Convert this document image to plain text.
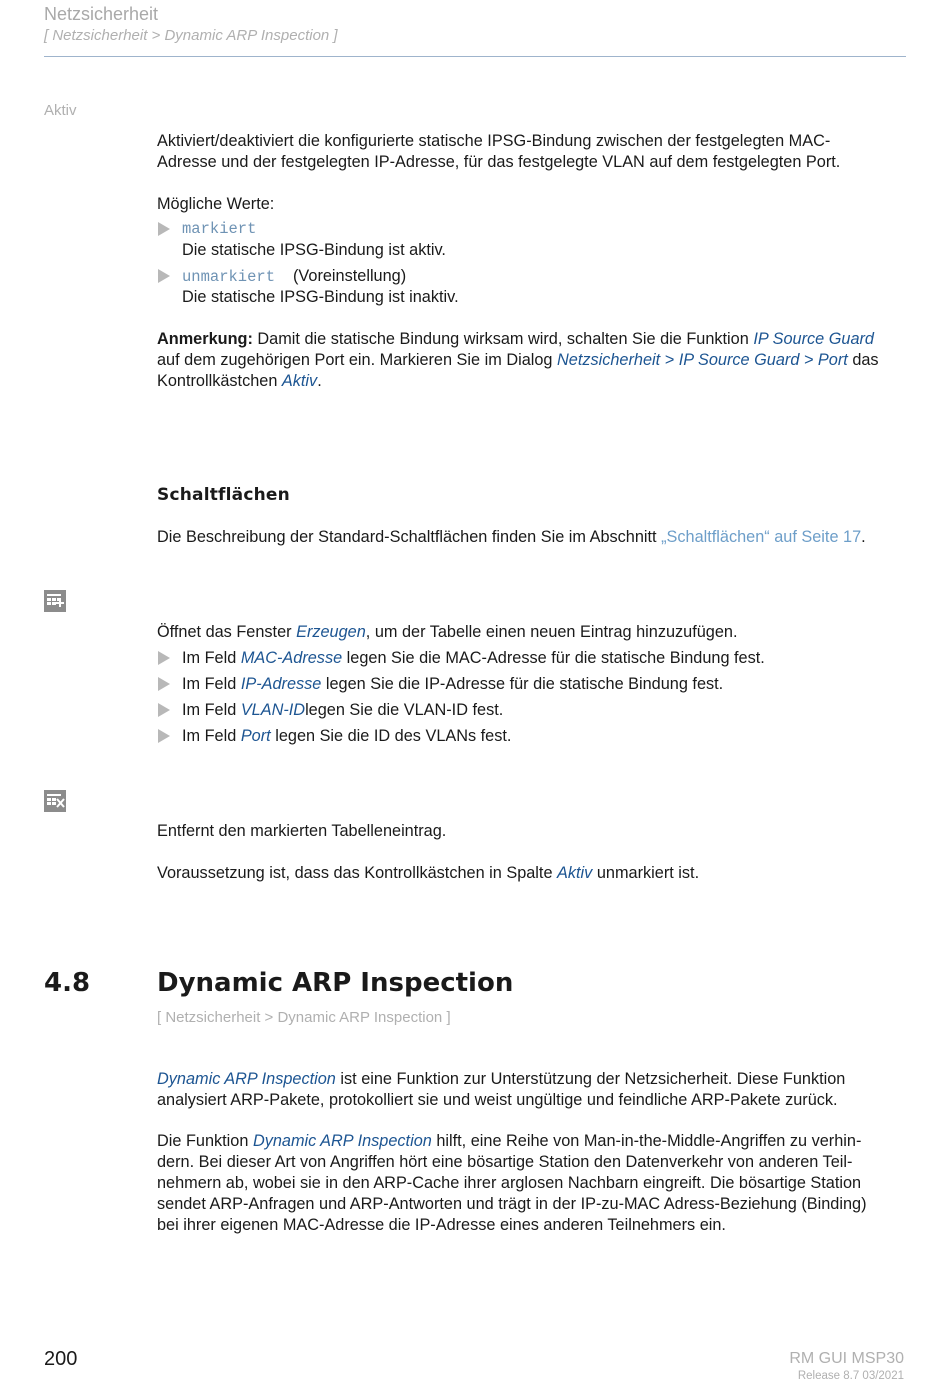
Netzsicherheit
[ Netzsicherheit > Dynamic ARP Inspection ]
Aktiv
Aktiviert/deaktiviert die konfigurierte statische IPSG-Bindung zwischen der festgelegten MAC-
Adresse und der festgelegten IP-Adresse, für das festgelegte VLAN auf dem festgelegten Port.
Mögliche Werte:
markiert
Die statische IPSG-Bindung ist aktiv.
unmarkiert (Voreinstellung)
Die statische IPSG-Bindung ist inaktiv.
Anmerkung: Damit die statische Bindung wirksam wird, schalten Sie die Funktion IP Source Guard
auf dem zugehörigen Port ein. Markieren Sie im Dialog Netzsicherheit > IP Source Guard > Port das
Kontrollkästchen Aktiv.
Schaltflächen
Die Beschreibung der Standard-Schaltflächen finden Sie im Abschnitt „Schaltflächen“ auf Seite 17.
Öffnet das Fenster Erzeugen, um der Tabelle einen neuen Eintrag hinzuzufügen.
Im Feld MAC-Adresse legen Sie die MAC-Adresse für die statische Bindung fest.
Im Feld IP-Adresse legen Sie die IP-Adresse für die statische Bindung fest.
Im Feld VLAN-IDlegen Sie die VLAN-ID fest.
Im Feld Port legen Sie die ID des VLANs fest.
Entfernt den markierten Tabelleneintrag.
Voraussetzung ist, dass das Kontrollkästchen in Spalte Aktiv unmarkiert ist.
4.8	Dynamic ARP Inspection
[ Netzsicherheit > Dynamic ARP Inspection ]
Dynamic ARP Inspection ist eine Funktion zur Unterstützung der Netzsicherheit. Diese Funktion
analysiert ARP-Pakete, protokolliert sie und weist ungültige und feindliche ARP-Pakete zurück.
Die Funktion Dynamic ARP Inspection hilft, eine Reihe von Man-in-the-Middle-Angriffen zu verhin-
dern. Bei dieser Art von Angriffen hört eine bösartige Station den Datenverkehr von anderen Teil-
nehmern ab, wobei sie in den ARP-Cache ihrer arglosen Nachbarn eingreift. Die bösartige Station
sendet ARP-Anfragen und ARP-Antworten und trägt in der IP-zu-MAC Adress-Beziehung (Binding)
bei ihrer eigenen MAC-Adresse die IP-Adresse eines anderen Teilnehmers ein.
200	RM GUI MSP30
Release 8.7 03/2021
